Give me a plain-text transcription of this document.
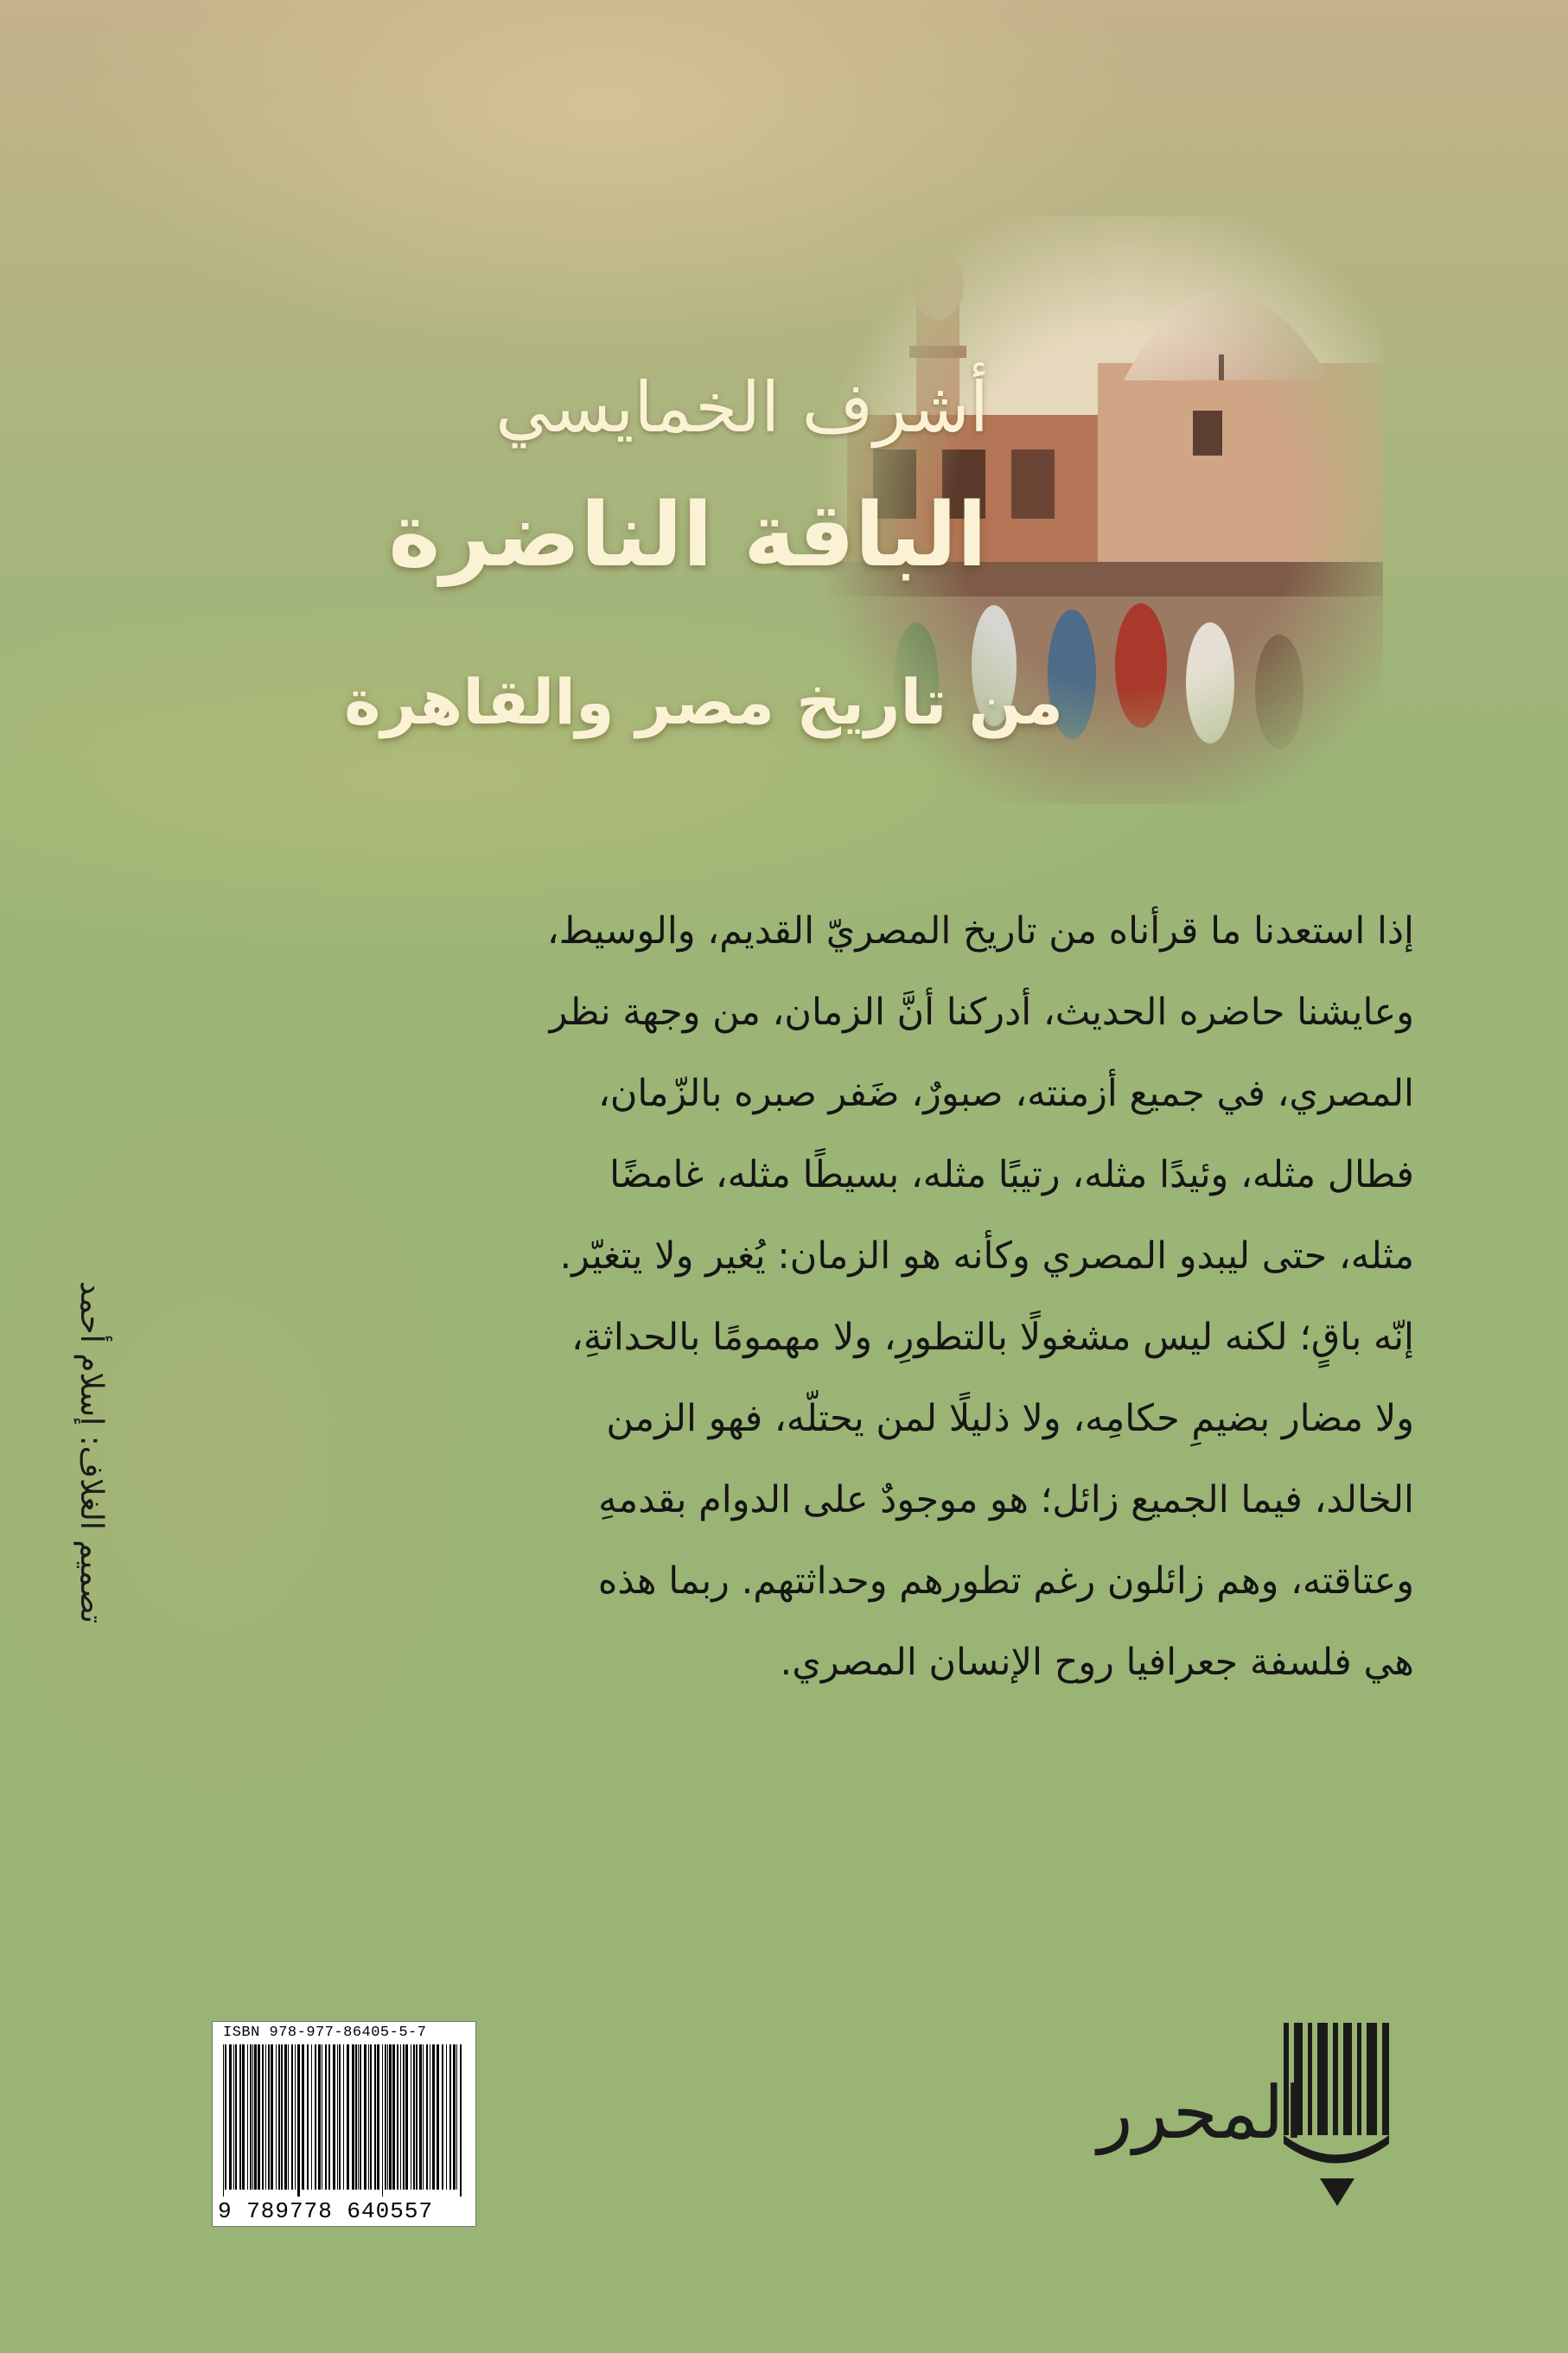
أشرف الخمايسي
الباقة الناضرة
من تاريخ مصر والقاهرة

إذا استعدنا ما قرأناه من تاريخ المصريّ القديم، والوسيط،

وعايشنا حاضره الحديث، أدركنا أنَّ الزمان، من وجهة نظر

المصري، في جميع أزمنته، صبورٌ، ضَفر صبره بالزّمان،

فطال مثله، وئيدًا مثله، رتيبًا مثله، بسيطًا مثله، غامضًا

مثله، حتى ليبدو المصري وكأنه هو الزمان: يُغير ولا يتغيّر.

إنّه باقٍ؛ لكنه ليس مشغولًا بالتطورِ، ولا مهمومًا بالحداثةِ،

ولا مضار بضيمِ حكامِه، ولا ذليلًا لمن يحتلّه، فهو الزمن

الخالد، فيما الجميع زائل؛ هو موجودٌ على الدوام بقدمهِ

وعتاقته، وهم زائلون رغم تطورهم وحداثتهم. ربما هذه

هي فلسفة جعرافيا روح الإنسان المصري.

تصميم الغلاف: إسلام أحمد

ISBN 978-977-86405-5-7

9 789778 640557

المحرر
